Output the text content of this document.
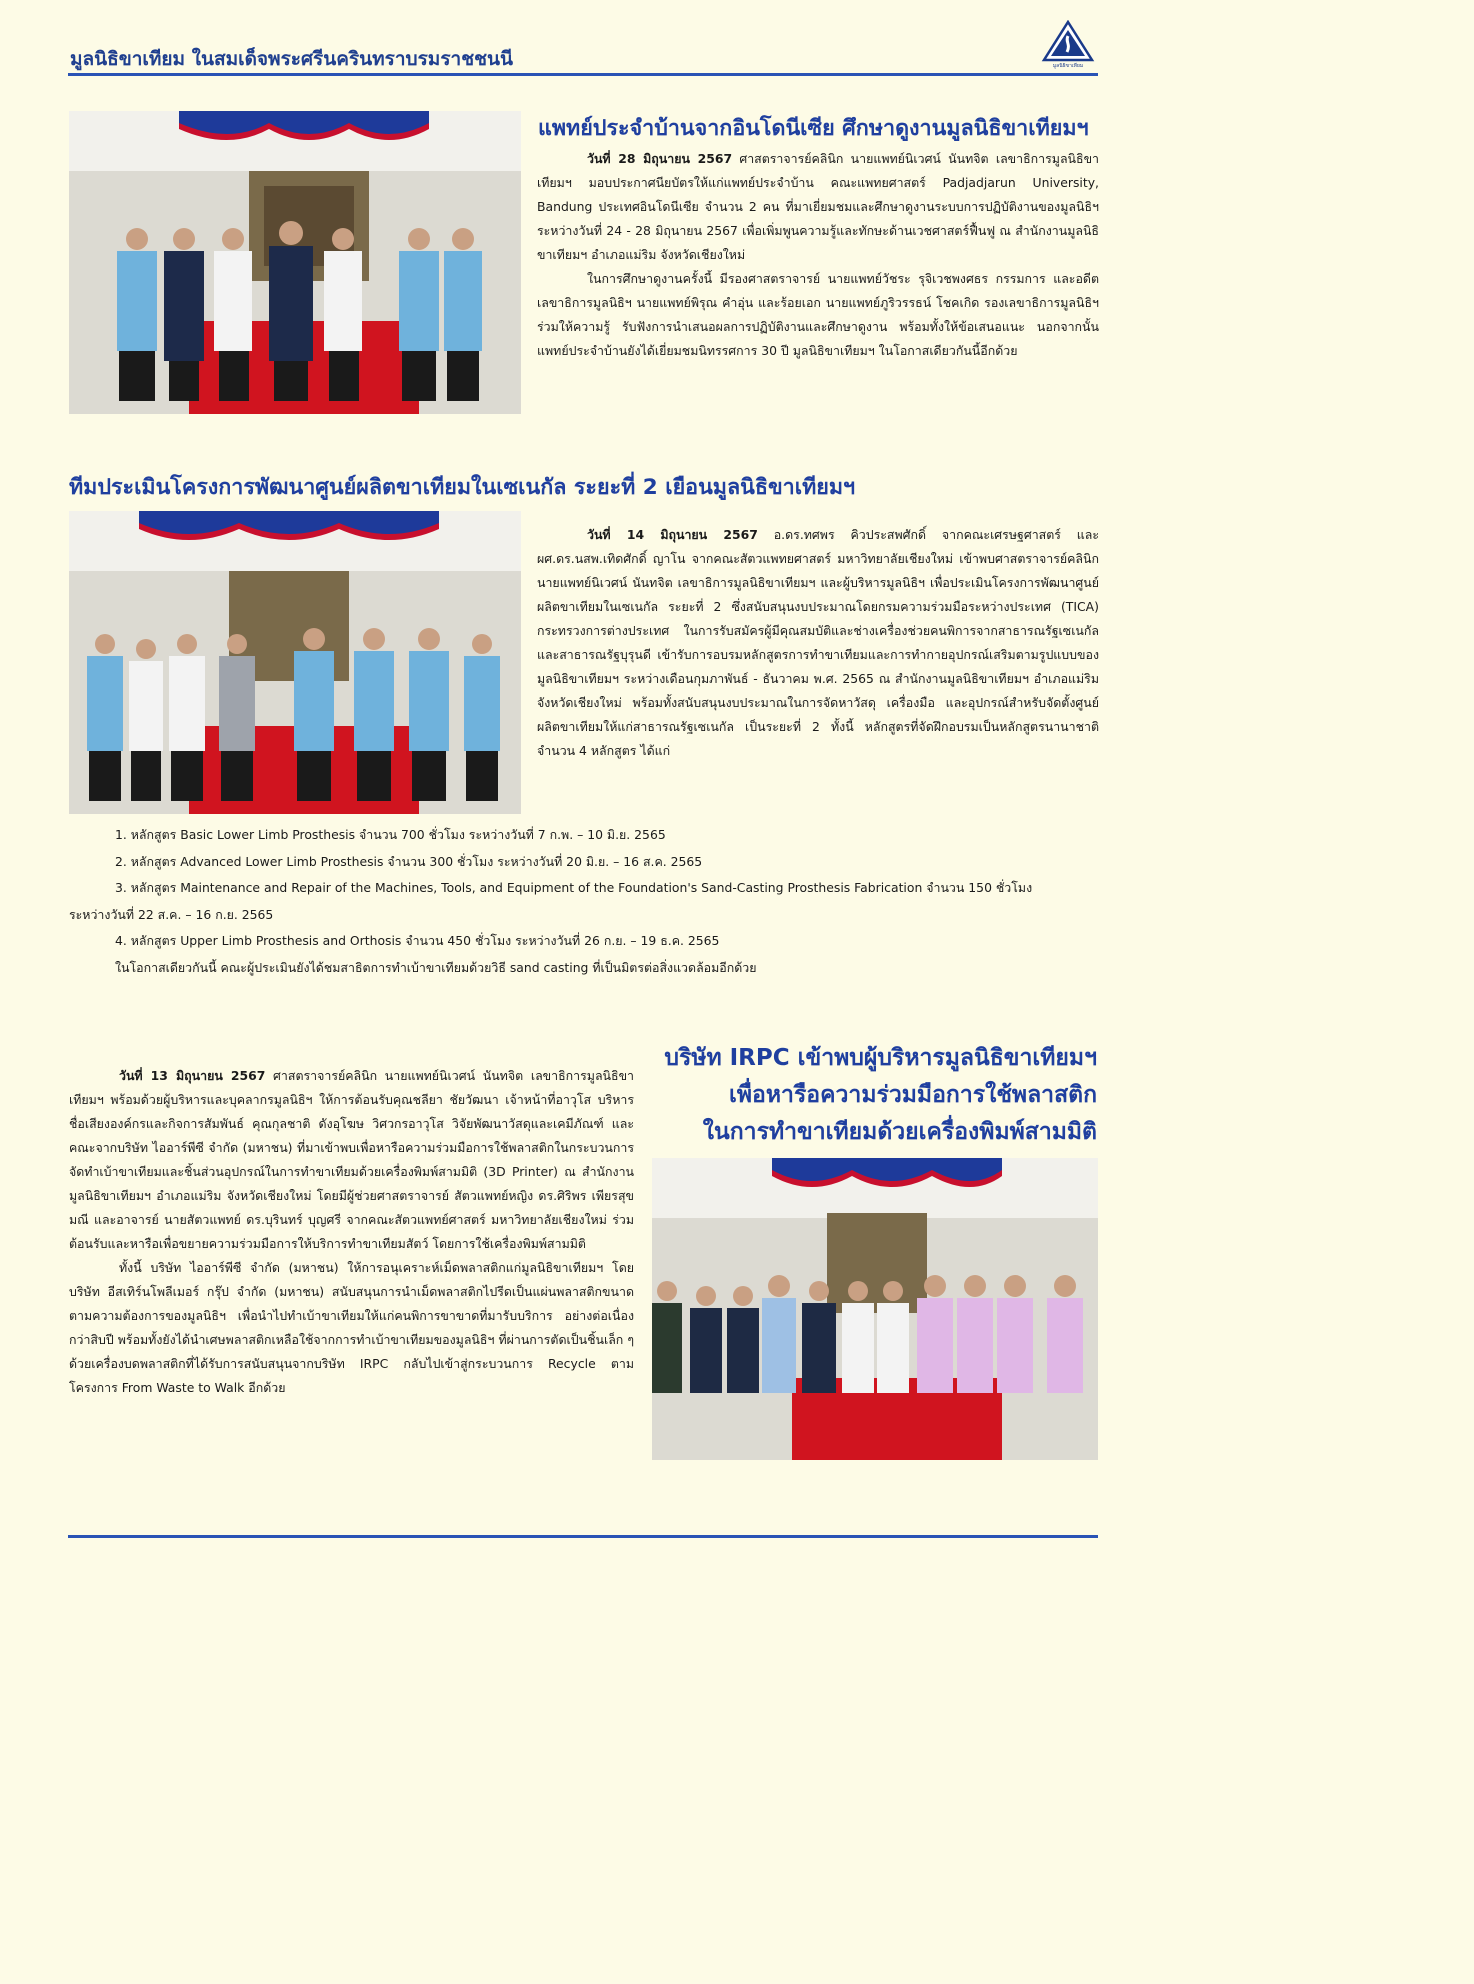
มูลนิธิขาเทียม ในสมเด็จพระศรีนครินทราบรมราชชนนี	มูลนิธิขาเทียม
แพทย์ประจำบ้านจากอินโดนีเซีย ศึกษาดูงานมูลนิธิขาเทียมฯ

วันที่ 28 มิถุนายน 2567 ศาสตราจารย์คลินิก นายแพทย์นิเวศน์ นันทจิต เลขาธิการมูลนิธิขาเทียมฯ มอบประกาศนียบัตรให้แก่แพทย์ประจำบ้าน คณะแพทยศาสตร์ Padjadjarun University, Bandung ประเทศอินโดนีเซีย จำนวน 2 คน ที่มาเยี่ยมชมและศึกษาดูงานระบบการปฏิบัติงานของมูลนิธิฯ ระหว่างวันที่ 24 - 28 มิถุนายน 2567 เพื่อเพิ่มพูนความรู้และทักษะด้านเวชศาสตร์ฟื้นฟู ณ สำนักงานมูลนิธิขาเทียมฯ อำเภอแม่ริม จังหวัดเชียงใหม่

ในการศึกษาดูงานครั้งนี้ มีรองศาสตราจารย์ นายแพทย์วัชระ รุจิเวชพงศธร กรรมการ และอดีตเลขาธิการมูลนิธิฯ นายแพทย์พิรุณ คำอุ่น และร้อยเอก นายแพทย์ภูริวรรธน์ โชคเกิด รองเลขาธิการมูลนิธิฯ ร่วมให้ความรู้ รับฟังการนำเสนอผลการปฏิบัติงานและศึกษาดูงาน พร้อมทั้งให้ข้อเสนอแนะ นอกจากนั้นแพทย์ประจำบ้านยังได้เยี่ยมชมนิทรรศการ 30 ปี มูลนิธิขาเทียมฯ ในโอกาสเดียวกันนี้อีกด้วย

ทีมประเมินโครงการพัฒนาศูนย์ผลิตขาเทียมในเซเนกัล ระยะที่ 2 เยือนมูลนิธิขาเทียมฯ

วันที่ 14 มิถุนายน 2567 อ.ดร.ทศพร คิวประสพศักดิ์ จากคณะเศรษฐศาสตร์ และ ผศ.ดร.นสพ.เทิดศักดิ์ ญาโน จากคณะสัตวแพทยศาสตร์ มหาวิทยาลัยเชียงใหม่ เข้าพบศาสตราจารย์คลินิก นายแพทย์นิเวศน์ นันทจิต เลขาธิการมูลนิธิขาเทียมฯ และผู้บริหารมูลนิธิฯ เพื่อประเมินโครงการพัฒนาศูนย์ผลิตขาเทียมในเซเนกัล ระยะที่ 2 ซึ่งสนับสนุนงบประมาณโดยกรมความร่วมมือระหว่างประเทศ (TICA) กระทรวงการต่างประเทศ ในการรับสมัครผู้มีคุณสมบัติและช่างเครื่องช่วยคนพิการจากสาธารณรัฐเซเนกัลและสาธารณรัฐบุรุนดี เข้ารับการอบรมหลักสูตรการทำขาเทียมและการทำกายอุปกรณ์เสริมตามรูปแบบของมูลนิธิขาเทียมฯ ระหว่างเดือนกุมภาพันธ์ - ธันวาคม พ.ศ. 2565 ณ สำนักงานมูลนิธิขาเทียมฯ อำเภอแม่ริม จังหวัดเชียงใหม่ พร้อมทั้งสนับสนุนงบประมาณในการจัดหาวัสดุ เครื่องมือ และอุปกรณ์สำหรับจัดตั้งศูนย์ผลิตขาเทียมให้แก่สาธารณรัฐเซเนกัล เป็นระยะที่ 2 ทั้งนี้ หลักสูตรที่จัดฝึกอบรมเป็นหลักสูตรนานาชาติ จำนวน 4 หลักสูตร ได้แก่

1. หลักสูตร Basic Lower Limb Prosthesis จำนวน 700 ชั่วโมง ระหว่างวันที่ 7 ก.พ. – 10 มิ.ย. 2565

2. หลักสูตร Advanced Lower Limb Prosthesis จำนวน 300 ชั่วโมง ระหว่างวันที่ 20 มิ.ย. – 16 ส.ค. 2565

3. หลักสูตร Maintenance and Repair of the Machines, Tools, and Equipment of the Foundation's Sand-Casting Prosthesis Fabrication จำนวน 150 ชั่วโมง

ระหว่างวันที่ 22 ส.ค. – 16 ก.ย. 2565

4. หลักสูตร Upper Limb Prosthesis and Orthosis จำนวน 450 ชั่วโมง ระหว่างวันที่ 26 ก.ย. – 19 ธ.ค. 2565

ในโอกาสเดียวกันนี้ คณะผู้ประเมินยังได้ชมสาธิตการทำเบ้าขาเทียมด้วยวิธี sand casting ที่เป็นมิตรต่อสิ่งแวดล้อมอีกด้วย

บริษัท IRPC เข้าพบผู้บริหารมูลนิธิขาเทียมฯ
เพื่อหารือความร่วมมือการใช้พลาสติก
ในการทำขาเทียมด้วยเครื่องพิมพ์สามมิติ

วันที่ 13 มิถุนายน 2567 ศาสตราจารย์คลินิก นายแพทย์นิเวศน์ นันทจิต เลขาธิการมูลนิธิขาเทียมฯ พร้อมด้วยผู้บริหารและบุคลากรมูลนิธิฯ ให้การต้อนรับคุณชลียา ชัยวัฒนา เจ้าหน้าที่อาวุโส บริหารชื่อเสียงองค์กรและกิจการสัมพันธ์ คุณกุลชาติ ดังอุโฆษ วิศวกรอาวุโส วิจัยพัฒนาวัสดุและเคมีภัณฑ์ และคณะจากบริษัท ไออาร์พีซี จำกัด (มหาชน) ที่มาเข้าพบเพื่อหารือความร่วมมือการใช้พลาสติกในกระบวนการจัดทำเบ้าขาเทียมและชิ้นส่วนอุปกรณ์ในการทำขาเทียมด้วยเครื่องพิมพ์สามมิติ (3D Printer) ณ สำนักงานมูลนิธิขาเทียมฯ อำเภอแม่ริม จังหวัดเชียงใหม่ โดยมีผู้ช่วยศาสตราจารย์ สัตวแพทย์หญิง ดร.ศิริพร เพียรสุขมณี และอาจารย์ นายสัตวแพทย์ ดร.บุรินทร์ บุญศรี จากคณะสัตวแพทย์ศาสตร์ มหาวิทยาลัยเชียงใหม่ ร่วมต้อนรับและหารือเพื่อขยายความร่วมมือการให้บริการทำขาเทียมสัตว์ โดยการใช้เครื่องพิมพ์สามมิติ

ทั้งนี้ บริษัท ไออาร์พีซี จำกัด (มหาชน) ให้การอนุเคราะห์เม็ดพลาสติกแก่มูลนิธิขาเทียมฯ โดยบริษัท อีสเทิร์นโพลีเมอร์ กรุ๊ป จำกัด (มหาชน) สนับสนุนการนำเม็ดพลาสติกไปรีดเป็นแผ่นพลาสติกขนาดตามความต้องการของมูลนิธิฯ เพื่อนำไปทำเบ้าขาเทียมให้แก่คนพิการขาขาดที่มารับบริการ อย่างต่อเนื่องกว่าสิบปี พร้อมทั้งยังได้นำเศษพลาสติกเหลือใช้จากการทำเบ้าขาเทียมของมูลนิธิฯ ที่ผ่านการตัดเป็นชิ้นเล็ก ๆ ด้วยเครื่องบดพลาสติกที่ได้รับการสนับสนุนจากบริษัท IRPC กลับไปเข้าสู่กระบวนการ Recycle ตามโครงการ From Waste to Walk อีกด้วย
